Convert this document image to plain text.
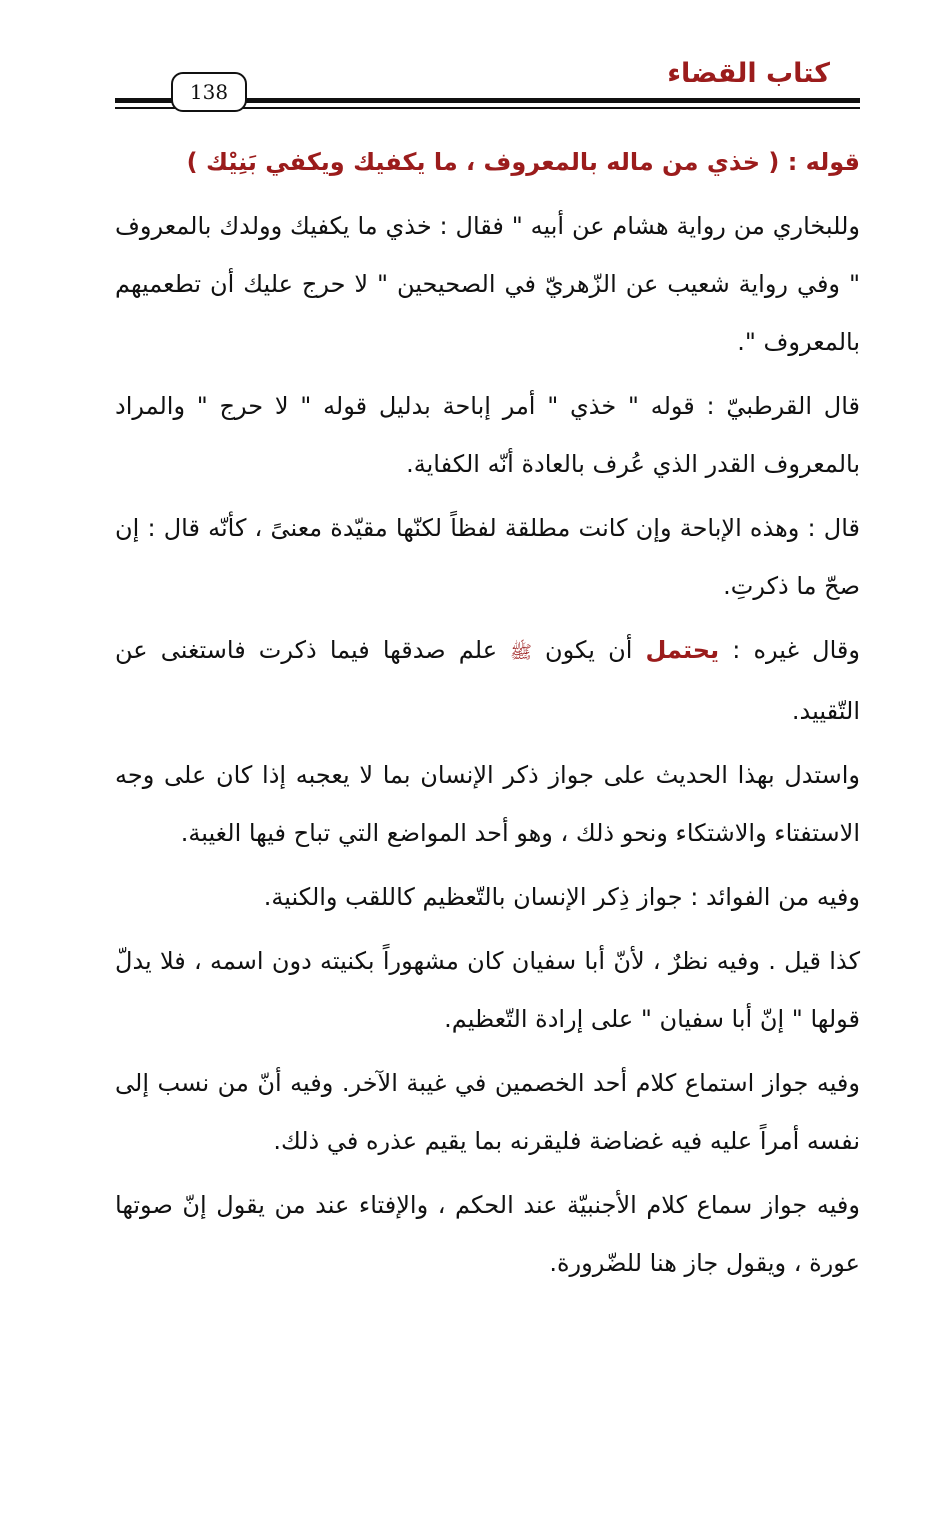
كتاب القضاء
138

قوله : ( خذي من ماله بالمعروف ، ما يكفيك ويكفي بَنِيْك )

وللبخاري من رواية هشام عن أبيه " فقال : خذي ما يكفيك وولدك بالمعروف " وفي رواية شعيب عن الزّهريّ في الصحيحين " لا حرج عليك أن تطعميهم بالمعروف ".

قال القرطبيّ : قوله " خذي " أمر إباحة بدليل قوله " لا حرج " والمراد بالمعروف القدر الذي عُرف بالعادة أنّه الكفاية.

قال : وهذه الإباحة وإن كانت مطلقة لفظاً لكنّها مقيّدة معنىً ، كأنّه قال : إن صحّ ما ذكرتِ.

وقال غيره : يحتمل أن يكون ﷺ علم صدقها فيما ذكرت فاستغنى عن التّقييد.

واستدل بهذا الحديث على جواز ذكر الإنسان بما لا يعجبه إذا كان على وجه الاستفتاء والاشتكاء ونحو ذلك ، وهو أحد المواضع التي تباح فيها الغيبة.

وفيه من الفوائد : جواز ذِكر الإنسان بالتّعظيم كاللقب والكنية.

كذا قيل . وفيه نظرٌ ، لأنّ أبا سفيان كان مشهوراً بكنيته دون اسمه ، فلا يدلّ قولها " إنّ أبا سفيان " على إرادة التّعظيم.

وفيه جواز استماع كلام أحد الخصمين في غيبة الآخر. وفيه أنّ من نسب إلى نفسه أمراً عليه فيه غضاضة فليقرنه بما يقيم عذره في ذلك.

وفيه جواز سماع كلام الأجنبيّة عند الحكم ، والإفتاء عند من يقول إنّ صوتها عورة ، ويقول جاز هنا للضّرورة.
